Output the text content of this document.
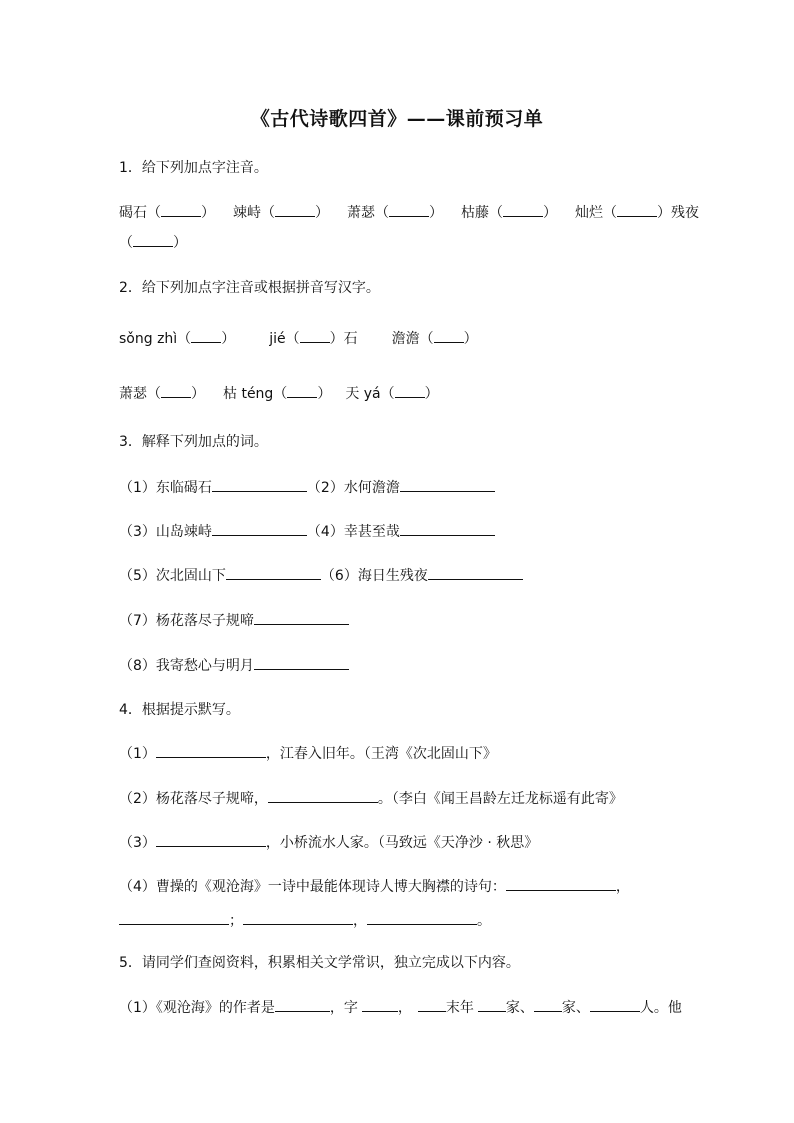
《古代诗歌四首》——课前预习单
1．给下列加点字注音。
碣石（	） 竦峙（	） 萧瑟（	） 枯藤（	） 灿烂（	）残夜
（	）
2．给下列加点字注音或根据拼音写汉字。
sǒng zhì（ ） jié（ ）石 澹澹（ ）
萧瑟（ ） 枯 téng（ ） 天 yá（ ）
3．解释下列加点的词。
（1）东临碣石	（2）水何澹澹
（3）山岛竦峙	（4）幸甚至哉
（5）次北固山下	（6）海日生残夜
（7）杨花落尽子规啼
（8）我寄愁心与明月
4．根据提示默写。
（1）	，江春入旧年。（王湾《次北固山下》
（2）杨花落尽子规啼，	。（李白《闻王昌龄左迁龙标遥有此寄》
（3）	，小桥流水人家。（马致远《天净沙 · 秋思》
（4）曹操的《观沧海》一诗中最能体现诗人博大胸襟的诗句：	，
；	，	。
5．请同学们查阅资料，积累相关文学常识，独立完成以下内容。
（1）《观沧海》的作者是	，字	， 末年 家、 家、	人。他
